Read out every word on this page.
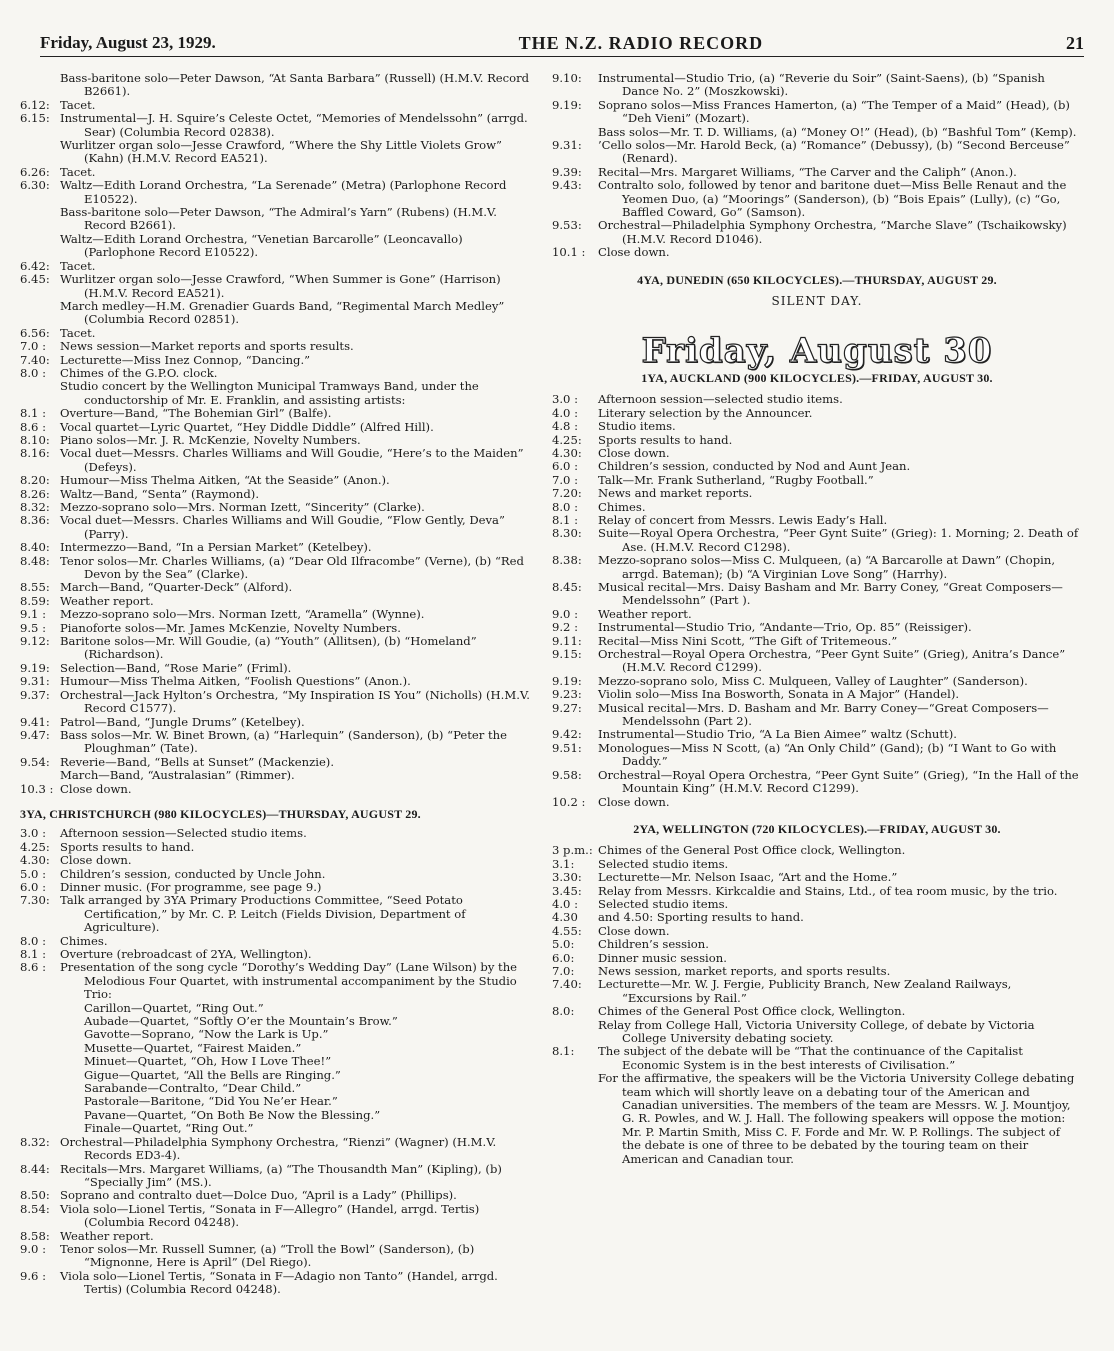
Friday, August 23, 1929.	THE N.Z. RADIO RECORD	21
Bass-baritone solo—Peter Dawson, “At Santa Barbara” (Russell) (H.M.V. Record B2661).
6.12: Tacet.
6.15: Instrumental—J. H. Squire’s Celeste Octet, “Memories of Mendelssohn” (arrgd. Sear) (Columbia Record 02838).
Wurlitzer organ solo—Jesse Crawford, “Where the Shy Little Violets Grow” (Kahn) (H.M.V. Record EA521).
6.26: Tacet.
6.30: Waltz—Edith Lorand Orchestra, “La Serenade” (Metra) (Parlophone Record E10522).
Bass-baritone solo—Peter Dawson, “The Admiral’s Yarn” (Rubens) (H.M.V. Record B2661).
Waltz—Edith Lorand Orchestra, “Venetian Barcarolle” (Leoncavallo) (Parlophone Record E10522).
6.42: Tacet.
6.45: Wurlitzer organ solo—Jesse Crawford, “When Summer is Gone” (Harrison) (H.M.V. Record EA521).
March medley—H.M. Grenadier Guards Band, “Regimental March Medley” (Columbia Record 02851).
6.56: Tacet.
7.0 :	News session—Market reports and sports results.
7.40: Lecturette—Miss Inez Connop, “Dancing.”
8.0 :	Chimes of the G.P.O. clock.
Studio concert by the Wellington Municipal Tramways Band, under the conductorship of Mr. E. Franklin, and assisting artists:
8.1 :	Overture—Band, “The Bohemian Girl” (Balfe).
8.6 :	Vocal quartet—Lyric Quartet, “Hey Diddle Diddle” (Alfred Hill).
8.10: Piano solos—Mr. J. R. McKenzie, Novelty Numbers.
8.16: Vocal duet—Messrs. Charles Williams and Will Goudie, “Here’s to the Maiden” (Defeys).
8.20: Humour—Miss Thelma Aitken, “At the Seaside” (Anon.).
8.26: Waltz—Band, “Senta” (Raymond).
8.32: Mezzo-soprano solo—Mrs. Norman Izett, “Sincerity” (Clarke).
8.36: Vocal duet—Messrs. Charles Williams and Will Goudie, “Flow Gently, Deva” (Parry).
8.40: Intermezzo—Band, “In a Persian Market” (Ketelbey).
8.48: Tenor solos—Mr. Charles Williams, (a) “Dear Old Ilfracombe” (Verne), (b) “Red Devon by the Sea” (Clarke).
8.55: March—Band, “Quarter-Deck” (Alford).
8.59: Weather report.
9.1 :	Mezzo-soprano solo—Mrs. Norman Izett, “Aramella” (Wynne).
9.5 :	Pianoforte solos—Mr. James McKenzie, Novelty Numbers.
9.12: Baritone solos—Mr. Will Goudie, (a) “Youth” (Allitsen), (b) “Homeland” (Richardson).
9.19: Selection—Band, “Rose Marie” (Friml).
9.31: Humour—Miss Thelma Aitken, “Foolish Questions” (Anon.).
9.37: Orchestral—Jack Hylton’s Orchestra, “My Inspiration IS You” (Nicholls) (H.M.V. Record C1577).
9.41: Patrol—Band, “Jungle Drums” (Ketelbey).
9.47: Bass solos—Mr. W. Binet Brown, (a) “Harlequin” (Sanderson), (b) “Peter the Ploughman” (Tate).
9.54: Reverie—Band, “Bells at Sunset” (Mackenzie).
March—Band, “Australasian” (Rimmer).
10.3 : Close down.
3YA, CHRISTCHURCH (980 KILOCYCLES)—THURSDAY, AUGUST 29.
3.0 :	Afternoon session—Selected studio items.
4.25: Sports results to hand.
4.30: Close down.
5.0 :	Children’s session, conducted by Uncle John.
6.0 :	Dinner music. (For programme, see page 9.)
7.30: Talk arranged by 3YA Primary Productions Committee, “Seed Potato Certification,” by Mr. C. P. Leitch (Fields Division, Department of Agriculture).
8.0 :	Chimes.
8.1 :	Overture (rebroadcast of 2YA, Wellington).
8.6 :	Presentation of the song cycle “Dorothy’s Wedding Day” (Lane Wilson) by the Melodious Four Quartet, with instrumental accompaniment by the Studio Trio:
Carillon—Quartet, “Ring Out.”
Aubade—Quartet, “Softly O’er the Mountain’s Brow.”
Gavotte—Soprano, “Now the Lark is Up.”
Musette—Quartet, “Fairest Maiden.”
Minuet—Quartet, “Oh, How I Love Thee!”
Gigue—Quartet, “All the Bells are Ringing.”
Sarabande—Contralto, “Dear Child.”
Pastorale—Baritone, “Did You Ne’er Hear.”
Pavane—Quartet, “On Both Be Now the Blessing.”
Finale—Quartet, “Ring Out.”
8.32: Orchestral—Philadelphia Symphony Orchestra, “Rienzi” (Wagner) (H.M.V. Records ED3-4).
8.44: Recitals—Mrs. Margaret Williams, (a) “The Thousandth Man” (Kipling), (b) “Specially Jim” (MS.).
8.50: Soprano and contralto duet—Dolce Duo, “April is a Lady” (Phillips).
8.54: Viola solo—Lionel Tertis, “Sonata in F—Allegro” (Handel, arrgd. Tertis) (Columbia Record 04248).
8.58: Weather report.
9.0 :	Tenor solos—Mr. Russell Sumner, (a) “Troll the Bowl” (Sanderson), (b) “Mignonne, Here is April” (Del Riego).
9.6 :	Viola solo—Lionel Tertis, “Sonata in F—Adagio non Tanto” (Handel, arrgd. Tertis) (Columbia Record 04248).
9.10:	Instrumental—Studio Trio, (a) “Reverie du Soir” (Saint-Saens), (b) “Spanish Dance No. 2” (Moszkowski).
9.19:	Soprano solos—Miss Frances Hamerton, (a) “The Temper of a Maid” (Head), (b) “Deh Vieni” (Mozart).
Bass solos—Mr. T. D. Williams, (a) “Money O!” (Head), (b) “Bashful Tom” (Kemp).
9.31:	’Cello solos—Mr. Harold Beck, (a) “Romance” (Debussy), (b) “Second Berceuse” (Renard).
9.39:	Recital—Mrs. Margaret Williams, “The Carver and the Caliph” (Anon.).
9.43:	Contralto solo, followed by tenor and baritone duet—Miss Belle Renaut and the Yeomen Duo, (a) “Moorings” (Sanderson), (b) “Bois Epais” (Lully), (c) “Go, Baffled Coward, Go” (Samson).
9.53:	Orchestral—Philadelphia Symphony Orchestra, “Marche Slave” (Tschaikowsky) (H.M.V. Record D1046).
10.1 :	Close down.
4YA, DUNEDIN (650 KILOCYCLES).—THURSDAY, AUGUST 29.
SILENT DAY.
Friday, August 30
1YA, AUCKLAND (900 KILOCYCLES).—FRIDAY, AUGUST 30.
3.0 :	Afternoon session—selected studio items.
4.0 :	Literary selection by the Announcer.
4.8 :	Studio items.
4.25:	Sports results to hand.
4.30:	Close down.
6.0 :	Children’s session, conducted by Nod and Aunt Jean.
7.0 :	Talk—Mr. Frank Sutherland, “Rugby Football.”
7.20:	News and market reports.
8.0 :	Chimes.
8.1 :	Relay of concert from Messrs. Lewis Eady’s Hall.
8.30:	Suite—Royal Opera Orchestra, “Peer Gynt Suite” (Grieg): 1. Morning; 2. Death of Ase. (H.M.V. Record C1298).
8.38:	Mezzo-soprano solos—Miss C. Mulqueen, (a) “A Barcarolle at Dawn” (Chopin, arrgd. Bateman); (b) “A Virginian Love Song” (Harrhy).
8.45:	Musical recital—Mrs. Daisy Basham and Mr. Barry Coney, “Great Composers—Mendelssohn” (Part ).
9.0 :	Weather report.
9.2 :	Instrumental—Studio Trio, “Andante—Trio, Op. 85” (Reissiger).
9.11:	Recital—Miss Nini Scott, “The Gift of Tritemeous.”
9.15:	Orchestral—Royal Opera Orchestra, “Peer Gynt Suite” (Grieg), Anitra’s Dance” (H.M.V. Record C1299).
9.19:	Mezzo-soprano solo, Miss C. Mulqueen, Valley of Laughter” (Sanderson).
9.23:	Violin solo—Miss Ina Bosworth, Sonata in A Major” (Handel).
9.27:	Musical recital—Mrs. D. Basham and Mr. Barry Coney—“Great Composers—Mendelssohn (Part 2).
9.42:	Instrumental—Studio Trio, “A La Bien Aimee” waltz (Schutt).
9.51:	Monologues—Miss N Scott, (a) “An Only Child” (Gand); (b) “I Want to Go with Daddy.”
9.58:	Orchestral—Royal Opera Orchestra, “Peer Gynt Suite” (Grieg), “In the Hall of the Mountain King” (H.M.V. Record C1299).
10.2 :	Close down.
2YA, WELLINGTON (720 KILOCYCLES).—FRIDAY, AUGUST 30.
3 p.m.: Chimes of the General Post Office clock, Wellington.
3.1:	Selected studio items.
3.30:	Lecturette—Mr. Nelson Isaac, “Art and the Home.”
3.45:	Relay from Messrs. Kirkcaldie and Stains, Ltd., of tea room music, by the trio.
4.0 :	Selected studio items.
4.30	and 4.50: Sporting results to hand.
4.55:	Close down.
5.0:	Children’s session.
6.0:	Dinner music session.
7.0:	News session, market reports, and sports results.
7.40:	Lecturette—Mr. W. J. Fergie, Publicity Branch, New Zealand Railways, “Excursions by Rail.”
8.0:	Chimes of the General Post Office clock, Wellington.
Relay from College Hall, Victoria University College, of debate by Victoria College University debating society.
8.1:	The subject of the debate will be “That the continuance of the Capitalist Economic System is in the best interests of Civilisation.”
For the affirmative, the speakers will be the Victoria University College debating team which will shortly leave on a debating tour of the American and Canadian universities. The members of the team are Messrs. W. J. Mountjoy, G. R. Powles, and W. J. Hall. The following speakers will oppose the motion: Mr. P. Martin Smith, Miss C. F. Forde and Mr. W. P. Rollings. The subject of the debate is one of three to be debated by the touring team on their American and Canadian tour.
